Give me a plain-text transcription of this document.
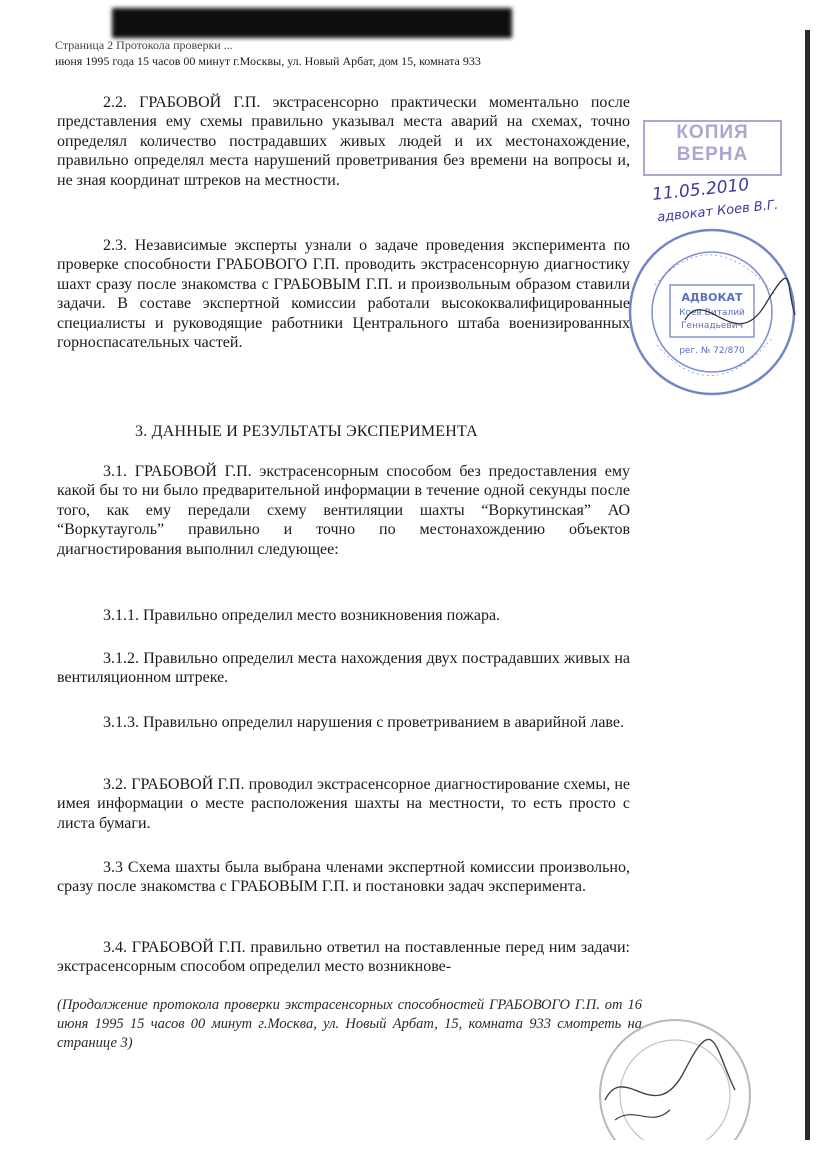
Страница 2 Протокола проверки ...
июня 1995 года 15 часов 00 минут г.Москвы, ул. Новый Арбат, дом 15, комната 933

2.2. ГРАБОВОЙ Г.П. экстрасенсорно практически моментально после представления ему схемы правильно указывал места аварий на схемах, точно определял количество пострадавших живых людей и их местонахождение, правильно определял места нарушений проветривания без времени на вопросы и, не зная координат штреков на местности.

2.3. Независимые эксперты узнали о задаче проведения эксперимента по проверке способности ГРАБОВОГО Г.П. проводить экстрасенсорную диагностику шахт сразу после знакомства с ГРАБОВЫМ Г.П. и произвольным образом ставили задачи. В составе экспертной комиссии работали высококвалифицированные специалисты и руководящие работники Центрального штаба военизированных горноспасательных частей.

3. ДАННЫЕ И РЕЗУЛЬТАТЫ ЭКСПЕРИМЕНТА

3.1. ГРАБОВОЙ Г.П. экстрасенсорным способом без предоставления ему какой бы то ни было предварительной информации в течение одной секунды после того, как ему передали схему вентиляции шахты “Воркутинская” АО “Воркутауголь” правильно и точно по местонахождению объектов диагностирования выполнил следующее:

3.1.1. Правильно определил место возникновения пожара.

3.1.2. Правильно определил места нахождения двух пострадавших живых на вентиляционном штреке.

3.1.3. Правильно определил нарушения с проветриванием в аварийной лаве.

3.2. ГРАБОВОЙ Г.П. проводил экстрасенсорное диагностирование схемы, не имея информации о месте расположения шахты на местности, то есть просто с листа бумаги.

3.3 Схема шахты была выбрана членами экспертной комиссии произвольно, сразу после знакомства с ГРАБОВЫМ Г.П. и постановки задач эксперимента.

3.4. ГРАБОВОЙ Г.П. правильно ответил на поставленные перед ним задачи: экстрасенсорным способом определил место возникнове-

(Продолжение протокола проверки экстрасенсорных способностей ГРАБОВОГО Г.П. от 16 июня 1995 15 часов 00 минут г.Москва, ул. Новый Арбат, 15, комната 933 смотреть на странице 3)
КОПИЯ
ВЕРНА
11.05.2010
адвокат Коев В.Г.
АДВОКАТ
Коев Виталий
Геннадьевич
рег. № 72/870
